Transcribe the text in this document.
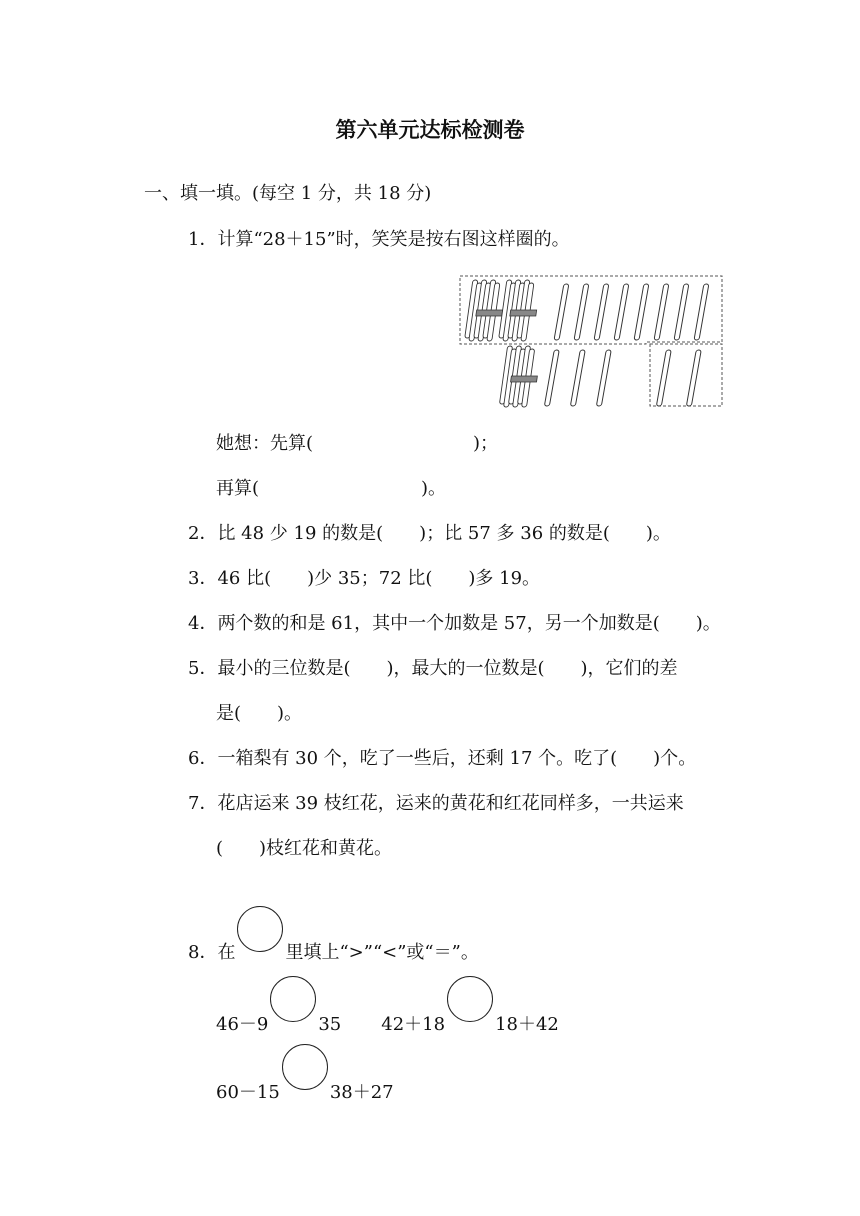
第六单元达标检测卷
一、填一填。(每空 1 分，共 18 分)
1．计算“28＋15”时，笑笑是按右图这样圈的。
她想：先算(	)；
再算(	)。
2．比 48 少 19 的数是(　　)；比 57 多 36 的数是(　　)。
3．46 比(　　)少 35；72 比(　　)多 19。
4．两个数的和是 61，其中一个加数是 57，另一个加数是(　　)。
5．最小的三位数是(　　)，最大的一位数是(　　)，它们的差
是(　　)。
6．一箱梨有 30 个，吃了一些后，还剩 17 个。吃了(　　)个。
7．花店运来 39 枝红花，运来的黄花和红花同样多，一共运来
(　　)枝红花和黄花。
8．在	里填上“>”“<”或“＝”。
46－9	35 42＋18	18＋42
60－15	38＋27
